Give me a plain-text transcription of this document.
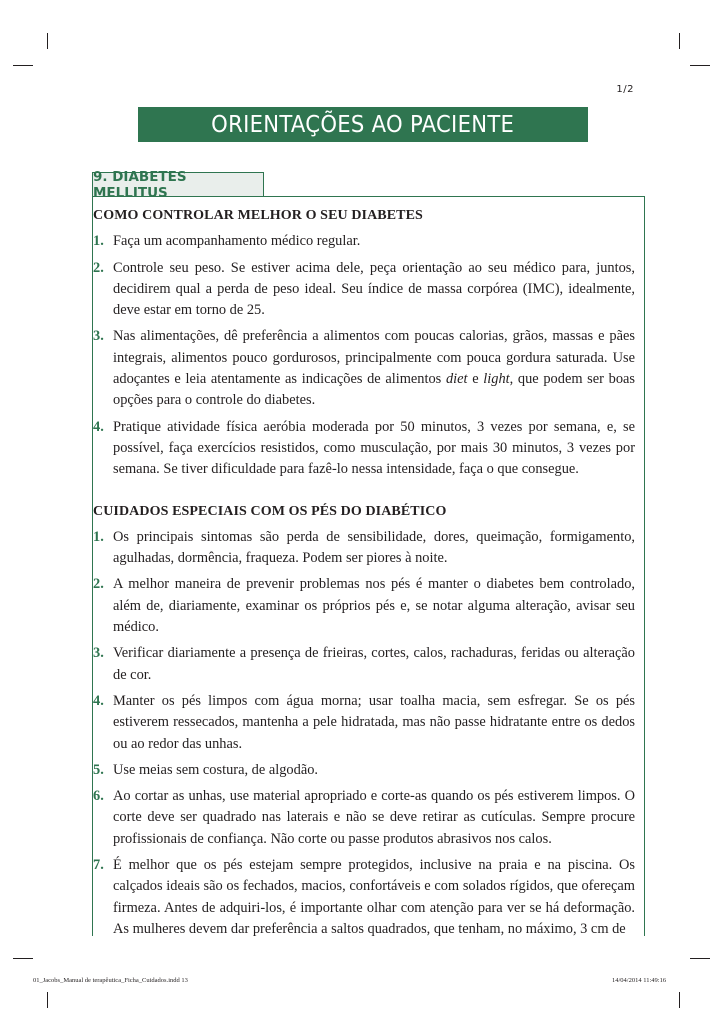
1/2
ORIENTAÇÕES AO PACIENTE
9. DIABETES MELLITUS
COMO CONTROLAR MELHOR O SEU DIABETES
1. Faça um acompanhamento médico regular.
2. Controle seu peso. Se estiver acima dele, peça orientação ao seu médico para, juntos, decidirem qual a perda de peso ideal. Seu índice de massa corpórea (IMC), idealmente, deve estar em torno de 25.
3. Nas alimentações, dê preferência a alimentos com poucas calorias, grãos, massas e pães integrais, alimentos pouco gordurosos, principalmente com pouca gordura saturada. Use adoçantes e leia atentamente as indicações de alimentos diet e light, que podem ser boas opções para o controle do diabetes.
4. Pratique atividade física aeróbia moderada por 50 minutos, 3 vezes por semana, e, se possível, faça exercícios resistidos, como musculação, por mais 30 minutos, 3 vezes por semana. Se tiver dificuldade para fazê-lo nessa intensidade, faça o que consegue.
CUIDADOS ESPECIAIS COM OS PÉS DO DIABÉTICO
1. Os principais sintomas são perda de sensibilidade, dores, queimação, formigamento, agulhadas, dormência, fraqueza. Podem ser piores à noite.
2. A melhor maneira de prevenir problemas nos pés é manter o diabetes bem controlado, além de, diariamente, examinar os próprios pés e, se notar alguma alteração, avisar seu médico.
3. Verificar diariamente a presença de frieiras, cortes, calos, rachaduras, feridas ou alteração de cor.
4. Manter os pés limpos com água morna; usar toalha macia, sem esfregar. Se os pés estiverem ressecados, mantenha a pele hidratada, mas não passe hidratante entre os dedos ou ao redor das unhas.
5. Use meias sem costura, de algodão.
6. Ao cortar as unhas, use material apropriado e corte-as quando os pés estiverem limpos. O corte deve ser quadrado nas laterais e não se deve retirar as cutículas. Sempre procure profissionais de confiança. Não corte ou passe produtos abrasivos nos calos.
7. É melhor que os pés estejam sempre protegidos, inclusive na praia e na piscina. Os calçados ideais são os fechados, macios, confortáveis e com solados rígidos, que ofereçam firmeza. Antes de adquiri-los, é importante olhar com atenção para ver se há deformação. As mulheres devem dar preferência a saltos quadrados, que tenham, no máximo, 3 cm de
01_Jacobs_Manual de terapêutica_Ficha_Cuidados.indd 13	14/04/2014 11:49:16
